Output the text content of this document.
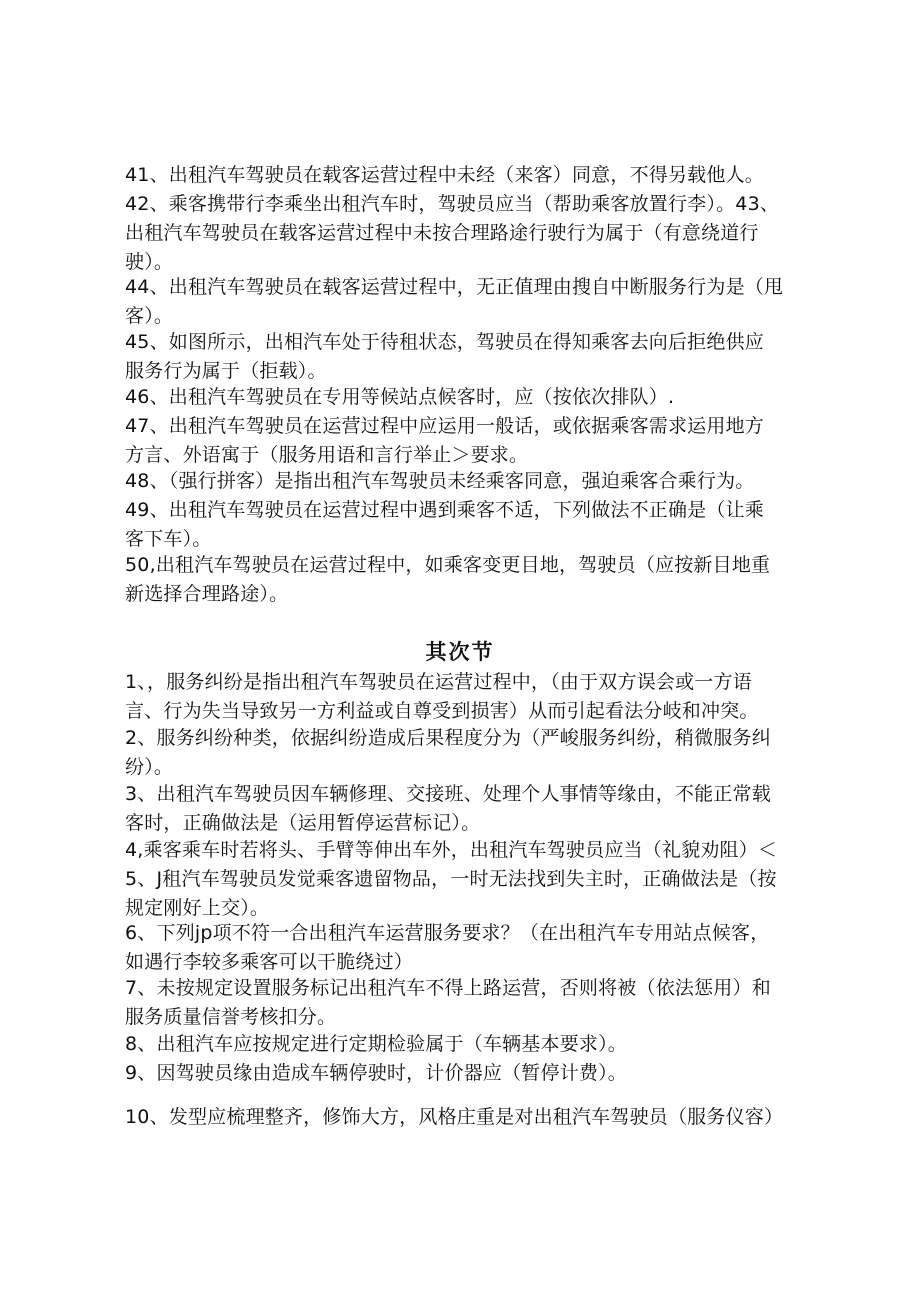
41、出租汽车驾驶员在载客运营过程中未经（来客）同意，不得另载他人。
42、乘客携带行李乘坐出租汽车时，驾驶员应当（帮助乘客放置行李）。43、
出租汽车驾驶员在载客运营过程中未按合理路途行驶行为属于（有意绕道行
驶）。
44、出租汽车驾驶员在载客运营过程中，无正值理由搜自中断服务行为是（甩
客）。
45、如图所示，出相汽车处于待租状态，驾驶员在得知乘客去向后拒绝供应
服务行为属于（拒载）。
46、出租汽车驾驶员在专用等候站点候客时，应（按依次排队）.
47、出租汽车驾驶员在运营过程中应运用一般话，或依据乘客需求运用地方
方言、外语寓于（服务用语和言行举止＞要求。
48、（强行拼客）是指出租汽车驾驶员未经乘客同意，强迫乘客合乘行为。
49、出租汽车驾驶员在运营过程中遇到乘客不适，下列做法不正确是（让乘
客下车）。
50,出租汽车驾驶员在运营过程中，如乘客变更目地，驾驶员（应按新目地重
新选择合理路途）。
其次节
1、，服务纠纷是指出租汽车驾驶员在运营过程中，（由于双方误会或一方语
言、行为失当导致另一方利益或自尊受到损害）从而引起看法分岐和冲突。
2、服务纠纷种类，依据纠纷造成后果程度分为（严峻服务纠纷，稍微服务纠
纷）。
3、出租汽车驾驶员因车辆修理、交接班、处理个人事情等缘由，不能正常载
客时，正确做法是（运用暂停运营标记）。
4,乘客乘车时若将头、手臂等伸出车外，出租汽车驾驶员应当（礼貌劝阻）＜
5、J租汽车驾驶员发觉乘客遗留物品，一时无法找到失主时，正确做法是（按
规定刚好上交）。
6、下列jp项不符一合出租汽车运营服务要求？（在出租汽车专用站点候客，
如遇行李较多乘客可以干脆绕过）
7、未按规定设置服务标记出租汽车不得上路运营，否则将被（依法惩用）和
服务质量信誉考核扣分。
8、出租汽车应按规定进行定期检验属于（车辆基本要求）。
9、因驾驶员缘由造成车辆停驶时，计价器应（暂停计费）。
10、发型应梳理整齐，修饰大方，风格庄重是对出租汽车驾驶员（服务仪容）
